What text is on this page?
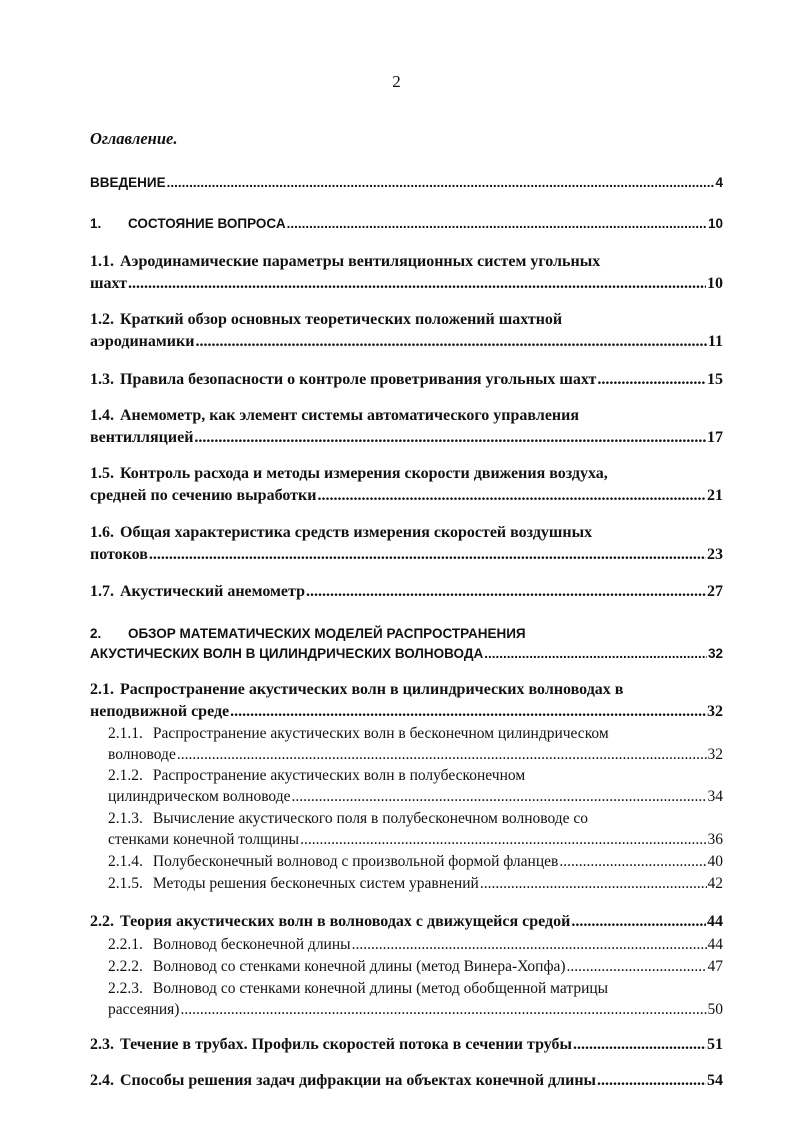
2
Оглавление.
ВВЕДЕНИЕ .....	4
1.	СОСТОЯНИЕ ВОПРОСА .....	10
1.1. Аэродинамические параметры вентиляционных систем угольных
шахт .....	10
1.2. Краткий обзор основных теоретических положений шахтной
аэродинамики .....	11
1.3. Правила безопасности о контроле проветривания угольных шахт .....	15
1.4. Анемометр, как элемент системы автоматического управления
вентилляцией .....	17
1.5. Контроль расхода и методы измерения скорости движения воздуха,
средней по сечению выработки .....	21
1.6. Общая характеристика средств измерения скоростей воздушных
потоков .....	23
1.7. Акустический анемометр .....	27
2.	ОБЗОР МАТЕМАТИЧЕСКИХ МОДЕЛЕЙ РАСПРОСТРАНЕНИЯ
АКУСТИЧЕСКИХ ВОЛН В ЦИЛИНДРИЧЕСКИХ ВОЛНОВОДА .....	32
2.1. Распространение акустических волн в цилиндрических волноводах в
неподвижной среде .....	32
2.1.1. Распространение акустических волн в бесконечном цилиндрическом
волноводе .....	32
2.1.2. Распространение акустических волн в полубесконечном
цилиндрическом волноводе .....	34
2.1.3. Вычисление акустического поля в полубесконечном волноводе со
стенками конечной толщины .....	36
2.1.4. Полубесконечный волновод с произвольной формой фланцев .....	40
2.1.5. Методы решения бесконечных систем уравнений .....	42
2.2. Теория акустических волн в волноводах с движущейся средой .....	44
2.2.1. Волновод бесконечной длины .....	44
2.2.2. Волновод со стенками конечной длины (метод Винера-Хопфа) .....	47
2.2.3. Волновод со стенками конечной длины (метод обобщенной матрицы
рассеяния) .....	50
2.3. Течение в трубах. Профиль скоростей потока в сечении трубы .....	51
2.4. Способы решения задач дифракции на объектах конечной длины .....	54
